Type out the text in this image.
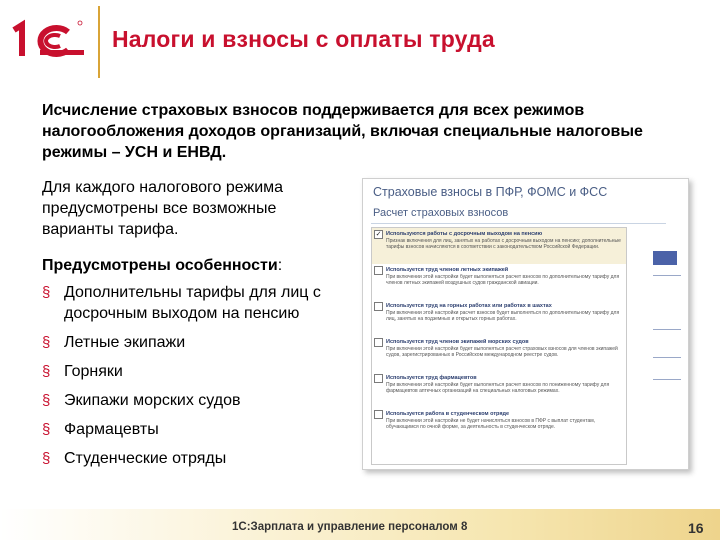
Налоги и взносы с оплаты труда
Исчисление страховых взносов поддерживается для всех режимов налогообложения доходов организаций, включая специальные налоговые режимы – УСН и ЕНВД.
Для каждого налогового режима предусмотрены все возможные варианты тарифа.
Предусмотрены особенности:
§ Дополнительны тарифы для лиц с досрочным выходом на пенсию
§ Летные экипажи
§ Горняки
§ Экипажи морских судов
§ Фармацевты
§ Студенческие отряды
Страховые взносы в ПФР, ФОМС и ФСС
Расчет страховых взносов
✓ Используются работы с досрочным выходом на пенсию
Признак включения для лиц, занятых на работах с досрочным выходом на пенсию; дополнительные тарифы взносов начисляются в соответствии с законодательством Российской Федерации.
Используется труд членов летных экипажей
При включении этой настройки будет выполняться расчет взносов по дополнительному тарифу для членов летных экипажей воздушных судов гражданской авиации.
Используется труд на горных работах или работах в шахтах
При включении этой настройки расчет взносов будет выполняться по дополнительному тарифу для лиц, занятых на подземных и открытых горных работах.
Используется труд членов экипажей морских судов
При включении этой настройки будет выполняться расчет страховых взносов для членов экипажей судов, зарегистрированных в Российском международном реестре судов.
Используется труд фармацевтов
При включении этой настройки будет выполняться расчет взносов по пониженному тарифу для фармацевтов аптечных организаций на специальных налоговых режимах.
Используется работа в студенческом отряде
При включении этой настройки не будет начисляться взносов в ПФР с выплат студентам, обучающимся по очной форме, за деятельность в студенческом отряде.
1С:Зарплата и управление персоналом 8	16
